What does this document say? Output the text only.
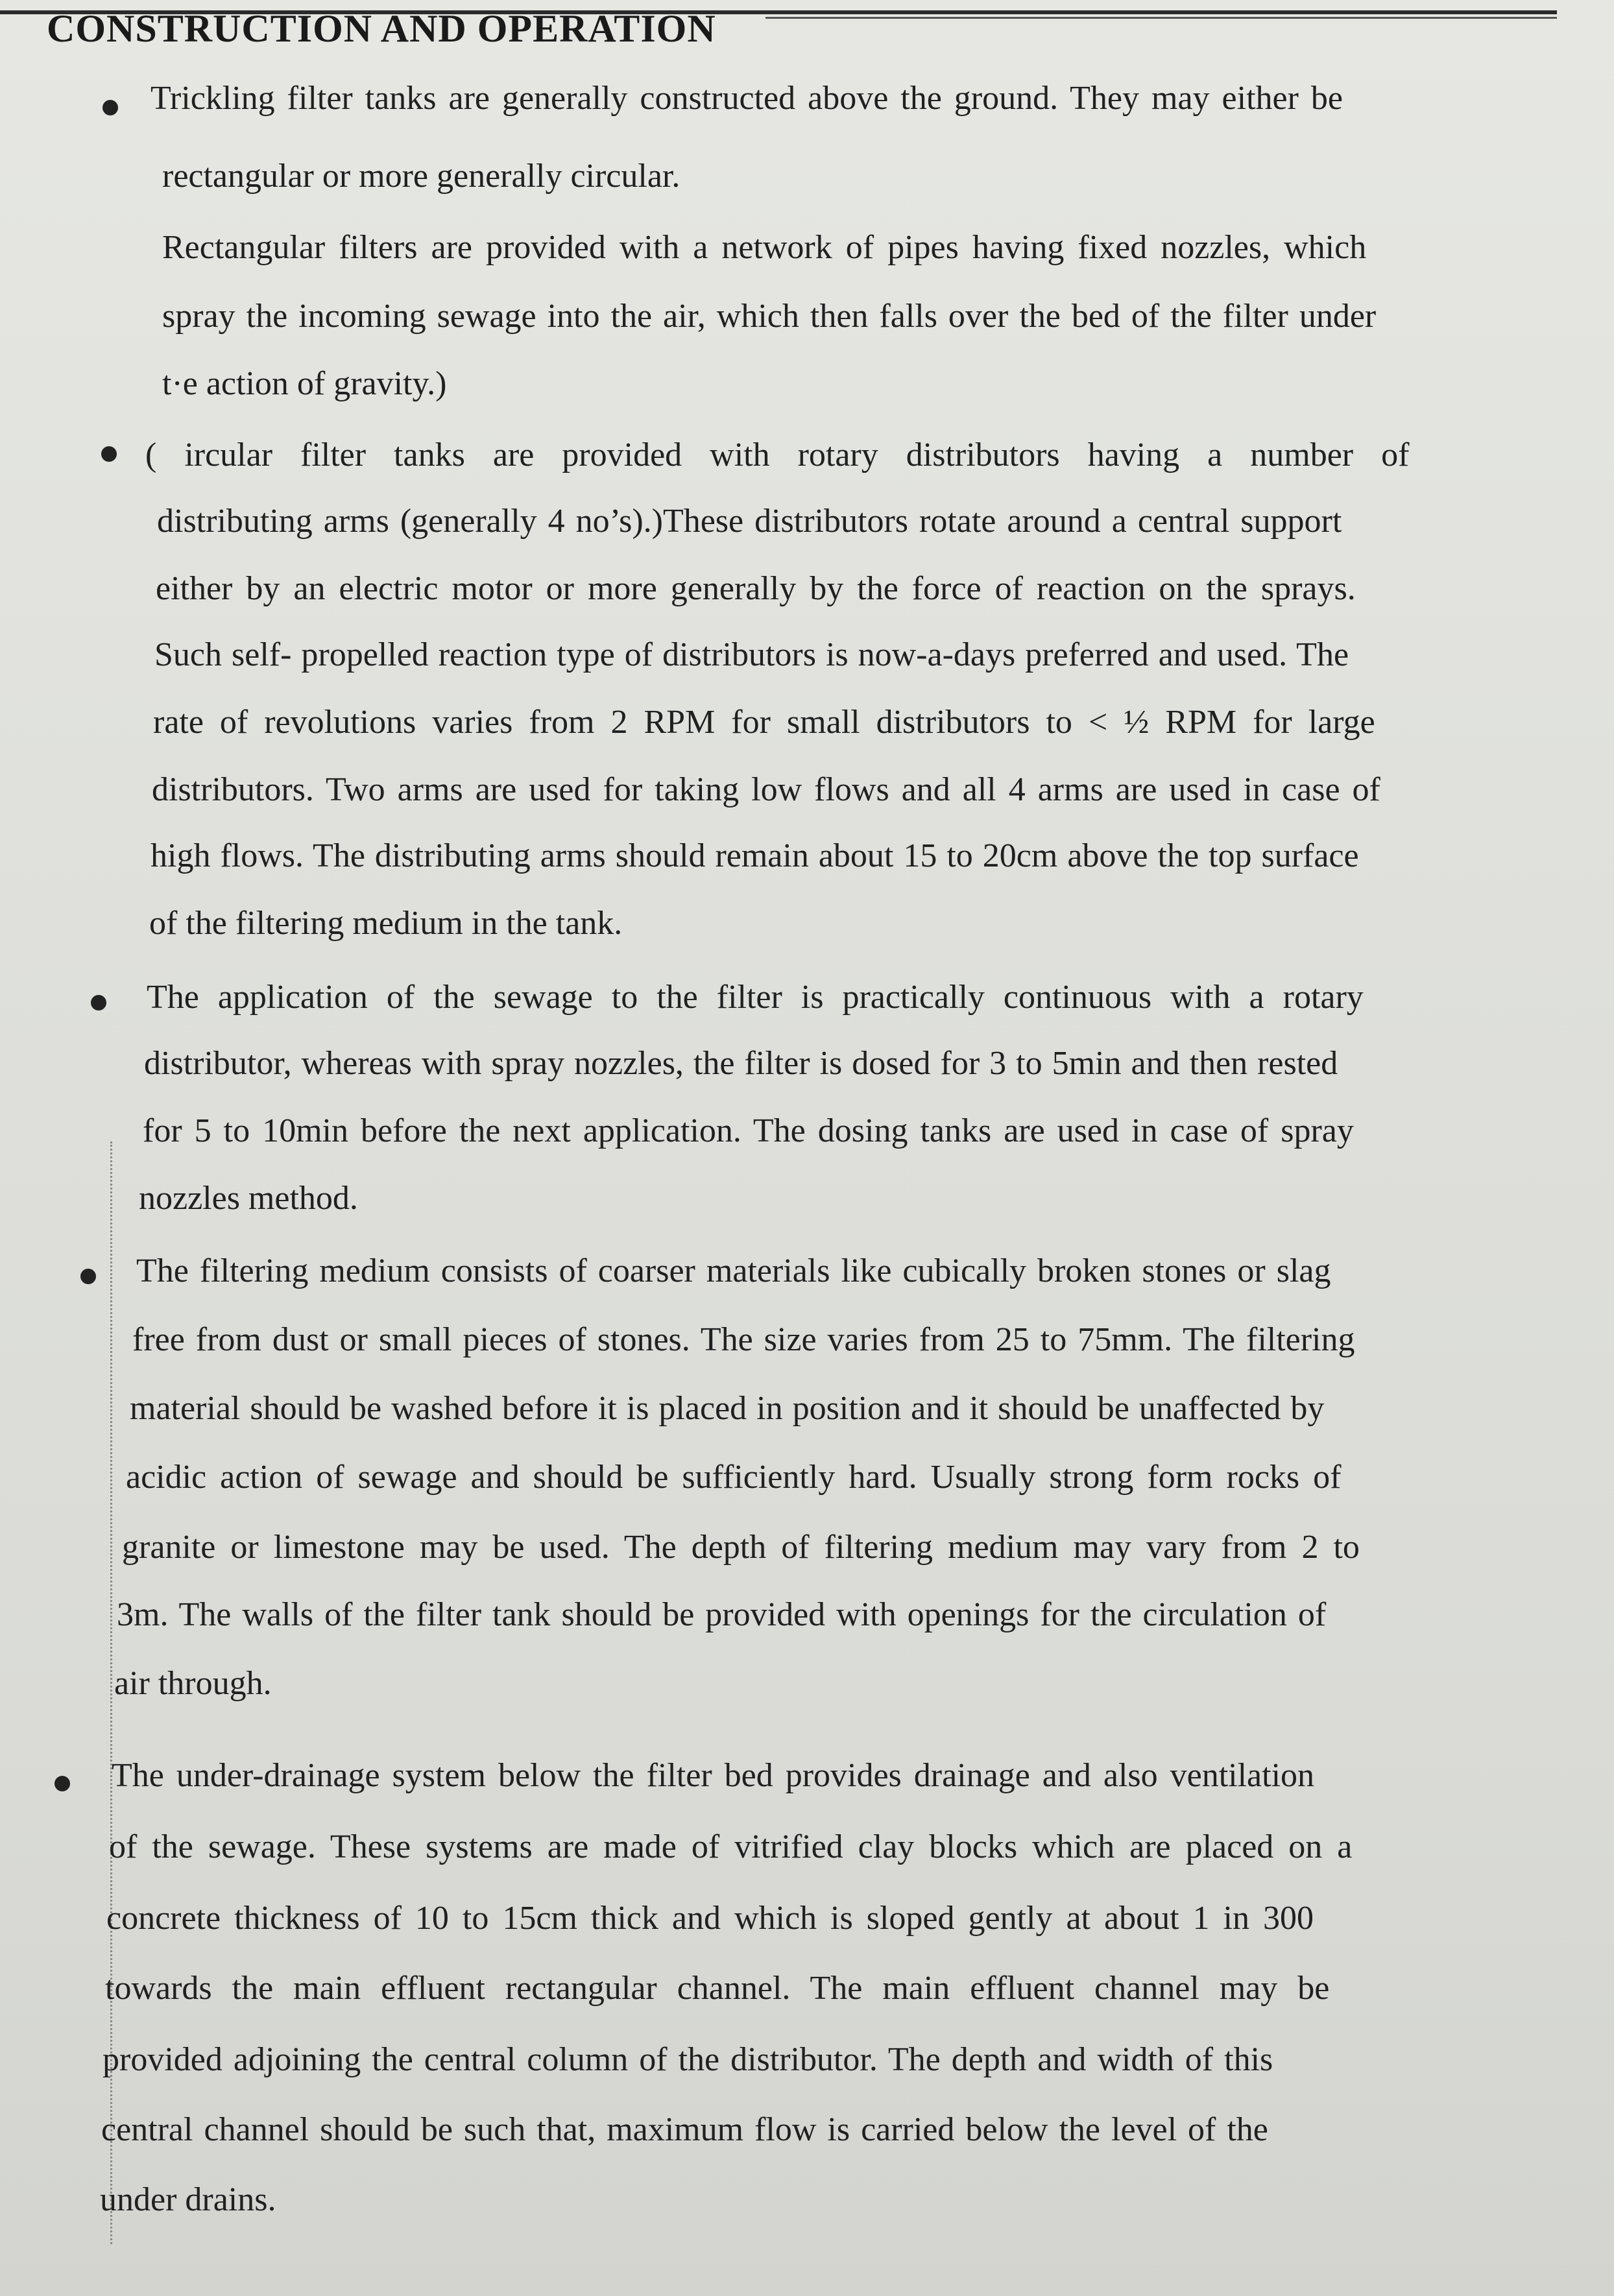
CONSTRUCTION AND OPERATION
Trickling filter tanks are generally constructed above the ground. They may either be
rectangular or more generally circular.
Rectangular filters are provided with a network of pipes having fixed nozzles, which
spray the incoming sewage into the air, which then falls over the bed of the filter under
t·e action of gravity.)
( ircular filter tanks are provided with rotary distributors having a number of
distributing arms (generally 4 no’s).)These distributors rotate around a central support
either by an electric motor or more generally by the force of reaction on the sprays.
Such self- propelled reaction type of distributors is now-a-days preferred and used. The
rate of revolutions varies from 2 RPM for small distributors to < ½ RPM for large
distributors. Two arms are used for taking low flows and all 4 arms are used in case of
high flows. The distributing arms should remain about 15 to 20cm above the top surface
of the filtering medium in the tank.
The application of the sewage to the filter is practically continuous with a rotary
distributor, whereas with spray nozzles, the filter is dosed for 3 to 5min and then rested
for 5 to 10min before the next application. The dosing tanks are used in case of spray
nozzles method.
The filtering medium consists of coarser materials like cubically broken stones or slag
free from dust or small pieces of stones. The size varies from 25 to 75mm. The filtering
material should be washed before it is placed in position and it should be unaffected by
acidic action of sewage and should be sufficiently hard. Usually strong form rocks of
granite or limestone may be used. The depth of filtering medium may vary from 2 to
3m. The walls of the filter tank should be provided with openings for the circulation of
air through.
The under-drainage system below the filter bed provides drainage and also ventilation
of the sewage. These systems are made of vitrified clay blocks which are placed on a
concrete thickness of 10 to 15cm thick and which is sloped gently at about 1 in 300
towards the main effluent rectangular channel. The main effluent channel may be
provided adjoining the central column of the distributor. The depth and width of this
central channel should be such that, maximum flow is carried below the level of the
under drains.
